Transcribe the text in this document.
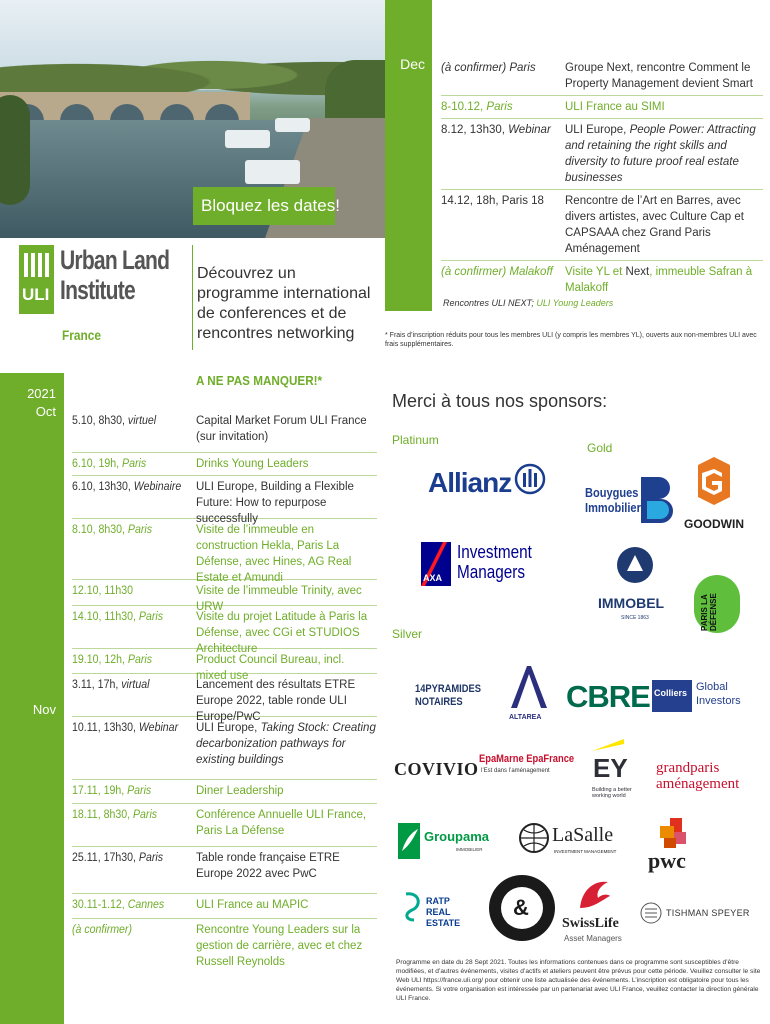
Bloquez les dates!
Dec (à confirmer) Paris	Groupe Next, rencontre Comment le Property Management devient Smart
8-10.12, Paris	ULI France au SIMI
8.12, 13h30, Webinar	ULI Europe, People Power: Attracting and retaining the right skills and diversity to future proof real estate businesses
14.12, 18h, Paris 18	Rencontre de l’Art en Barres, avec divers artistes, avec Culture Cap et CAPSAAA chez Grand Paris Aménagement
(à confirmer) Malakoff	Visite YL et Next, immeuble Safran à Malakoff
Rencontres ULI NEXT; ULI Young Leaders
* Frais d’inscription réduits pour tous les membres ULI (y compris les membres YL), ouverts aux non-membres ULI avec frais supplémentaires.
ULI
Urban Land
Institute
France
Découvrez un programme international de conferences et de rencontres networking
A NE PAS MANQUER!*
2021
Oct
Nov
5.10, 8h30, virtuel	Capital Market Forum ULI France (sur invitation)
6.10, 19h, Paris	Drinks Young Leaders
6.10, 13h30, Webinaire	ULI Europe, Building a Flexible Future: How to repurpose successfully
8.10, 8h30, Paris	Visite de l’immeuble en construction Hekla, Paris La Défense, avec Hines, AG Real Estate et Amundi
12.10, 11h30	Visite de l’immeuble Trinity, avec URW
14.10, 11h30, Paris	Visite du projet Latitude à Paris la Défense, avec CGi et STUDIOS Architecture
19.10, 12h, Paris	Product Council Bureau, incl. mixed use
3.11, 17h, virtual	Lancement des résultats ETRE Europe 2022, table ronde ULI Europe/PwC
10.11, 13h30, Webinar	ULI Europe, Taking Stock: Creating decarbonization pathways for existing buildings
17.11, 19h, Paris	Diner Leadership
18.11, 8h30, Paris	Conférence Annuelle ULI France, Paris La Défense
25.11, 17h30, Paris	Table ronde française ETRE Europe 2022 avec PwC
30.11-1.12, Cannes	ULI France au MAPIC
(à confirmer)	Rencontre Young Leaders sur la gestion de carrière, avec et chez Russell Reynolds
Merci à tous nos sponsors:
Platinum
Gold
Silver
Allianz
AXA
Investment
Managers
Bouygues
Immobilier
GOODWIN
IMMOBEL
SINCE 1863	PARIS LA DÉFENSE
14PYRAMIDES
NOTAIRES
ALTAREA
CBRE Colliers Global
Investors
COVIVIO EpaMarne EpaFrance
l’Est dans l’aménagement EY
Building a better working world
grandparis
aménagement
Groupama
IMMOBILIER
LaSalle
INVESTMENT MANAGEMENT pwc
RATP
REAL ESTATE
&
SwissLife
Asset Managers
TISHMAN SPEYER
Programme en date du 28 Sept 2021. Toutes les informations contenues dans ce programme sont susceptibles d’être modifiées, et d’autres événements, visites d’actifs et ateliers peuvent être prévus pour cette période. Veuillez consulter le site Web ULI https://france.uli.org/ pour obtenir une liste actualisée des événements. L’inscription est obligatoire pour tous les événements. Si votre organisation est intéressée par un partenariat avec ULI France, veuillez contacter la direction générale ULI France.
